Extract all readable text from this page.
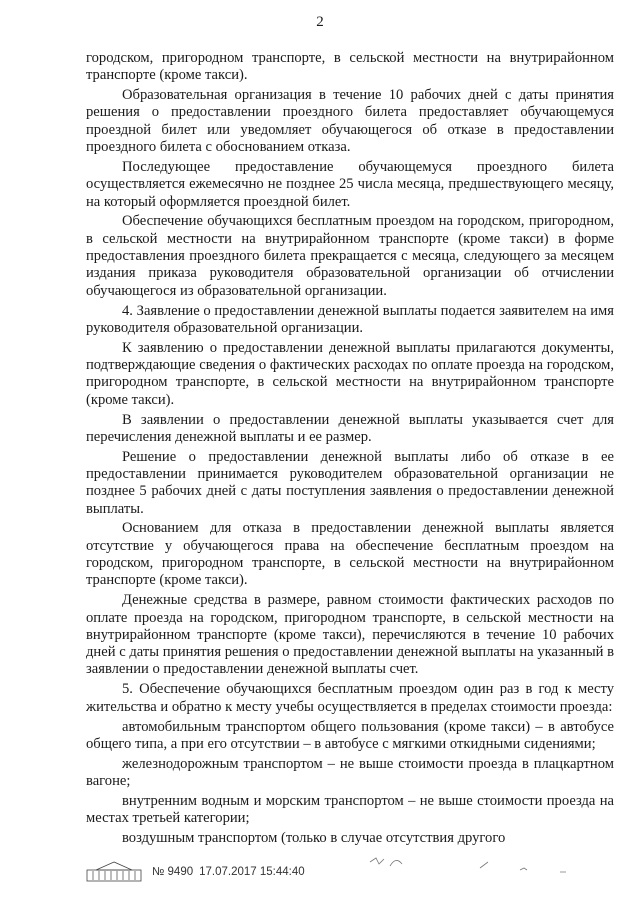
2

городском, пригородном транспорте, в сельской местности на внутрирайонном транспорте (кроме такси).

Образовательная организация в течение 10 рабочих дней с даты принятия решения о предоставлении проездного билета предоставляет обучающемуся проездной билет или уведомляет обучающегося об отказе в предоставлении проездного билета с обоснованием отказа.

Последующее предоставление обучающемуся проездного билета осуществляется ежемесячно не позднее 25 числа месяца, предшествующего месяцу, на который оформляется проездной билет.

Обеспечение обучающихся бесплатным проездом на городском, пригородном, в сельской местности на внутрирайонном транспорте (кроме такси) в форме предоставления проездного билета прекращается с месяца, следующего за месяцем издания приказа руководителя образовательной организации об отчислении обучающегося из образовательной организации.

4. Заявление о предоставлении денежной выплаты подается заявителем на имя руководителя образовательной организации.

К заявлению о предоставлении денежной выплаты прилагаются документы, подтверждающие сведения о фактических расходах по оплате проезда на городском, пригородном транспорте, в сельской местности на внутрирайонном транспорте (кроме такси).

В заявлении о предоставлении денежной выплаты указывается счет для перечисления денежной выплаты и ее размер.

Решение о предоставлении денежной выплаты либо об отказе в ее предоставлении принимается руководителем образовательной организации не позднее 5 рабочих дней с даты поступления заявления о предоставлении денежной выплаты.

Основанием для отказа в предоставлении денежной выплаты является отсутствие у обучающегося права на обеспечение бесплатным проездом на городском, пригородном транспорте, в сельской местности на внутрирайонном транспорте (кроме такси).

Денежные средства в размере, равном стоимости фактических расходов по оплате проезда на городском, пригородном транспорте, в сельской местности на внутрирайонном транспорте (кроме такси), перечисляются в течение 10 рабочих дней с даты принятия решения о предоставлении денежной выплаты на указанный в заявлении о предоставлении денежной выплаты счет.

5. Обеспечение обучающихся бесплатным проездом один раз в год к месту жительства и обратно к месту учебы осуществляется в пределах стоимости проезда:

автомобильным транспортом общего пользования (кроме такси) – в автобусе общего типа, а при его отсутствии – в автобусе с мягкими откидными сидениями;

железнодорожным транспортом – не выше стоимости проезда в плацкартном вагоне;

внутренним водным и морским транспортом – не выше стоимости проезда на местах третьей категории;

воздушным транспортом (только в случае отсутствия другого

№ 9490 17.07.2017 15:44:40
